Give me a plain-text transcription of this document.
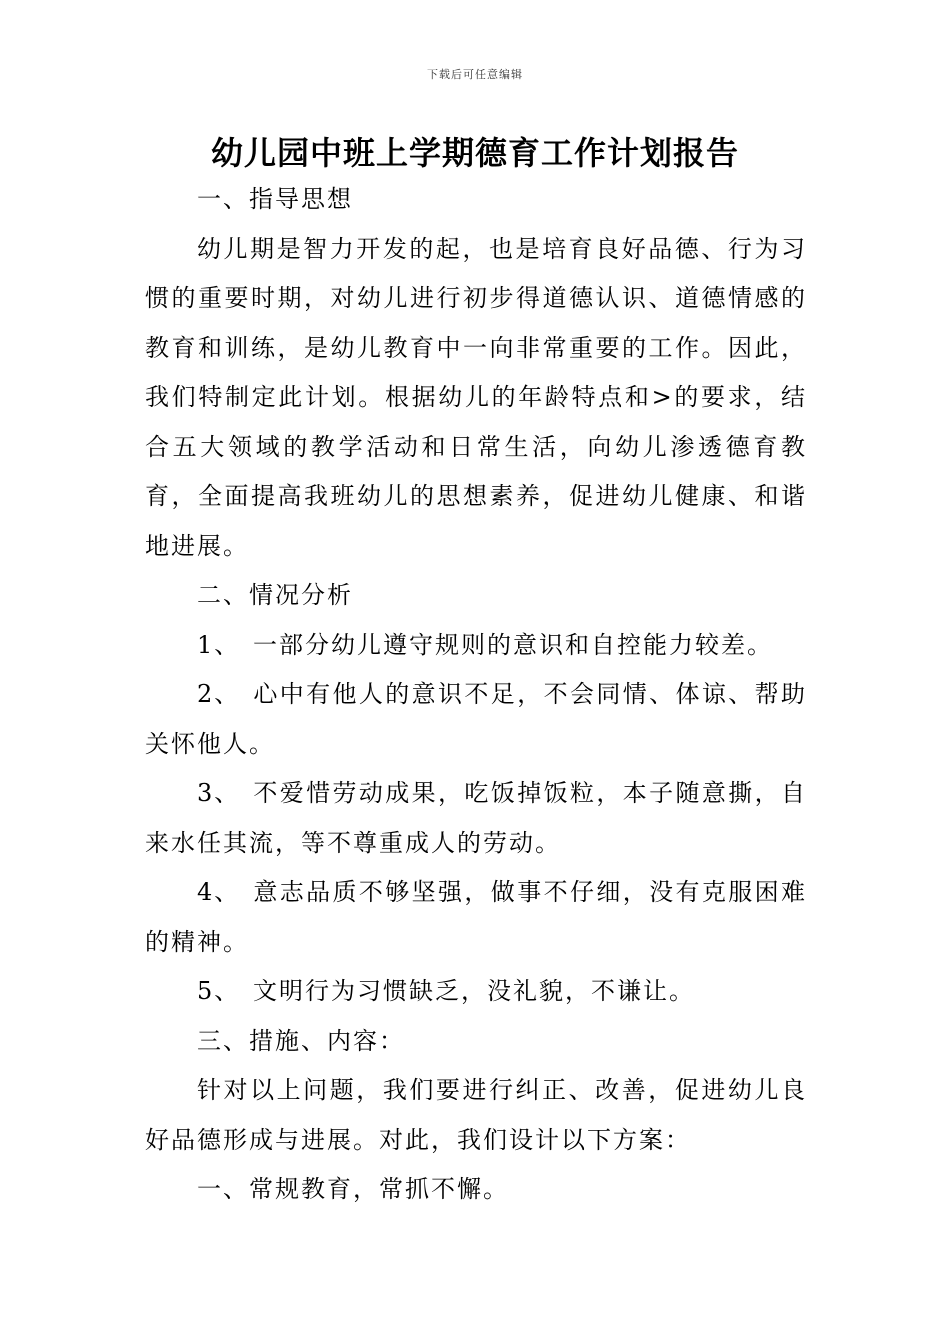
下载后可任意编辑
幼儿园中班上学期德育工作计划报告

一、指导思想

幼儿期是智力开发的起，也是培育良好品德、行为习惯的重要时期，对幼儿进行初步得道德认识、道德情感的教育和训练，是幼儿教育中一向非常重要的工作。因此，我们特制定此计划。根据幼儿的年龄特点和>的要求，结合五大领域的教学活动和日常生活，向幼儿渗透德育教育，全面提高我班幼儿的思想素养，促进幼儿健康、和谐地进展。

二、情况分析

1、 一部分幼儿遵守规则的意识和自控能力较差。

2、 心中有他人的意识不足，不会同情、体谅、帮助关怀他人。

3、 不爱惜劳动成果，吃饭掉饭粒，本子随意撕，自来水任其流，等不尊重成人的劳动。

4、 意志品质不够坚强，做事不仔细，没有克服困难的精神。

5、 文明行为习惯缺乏，没礼貌，不谦让。

三、措施、内容：

针对以上问题，我们要进行纠正、改善，促进幼儿良好品德形成与进展。对此，我们设计以下方案：

一、常规教育，常抓不懈。
